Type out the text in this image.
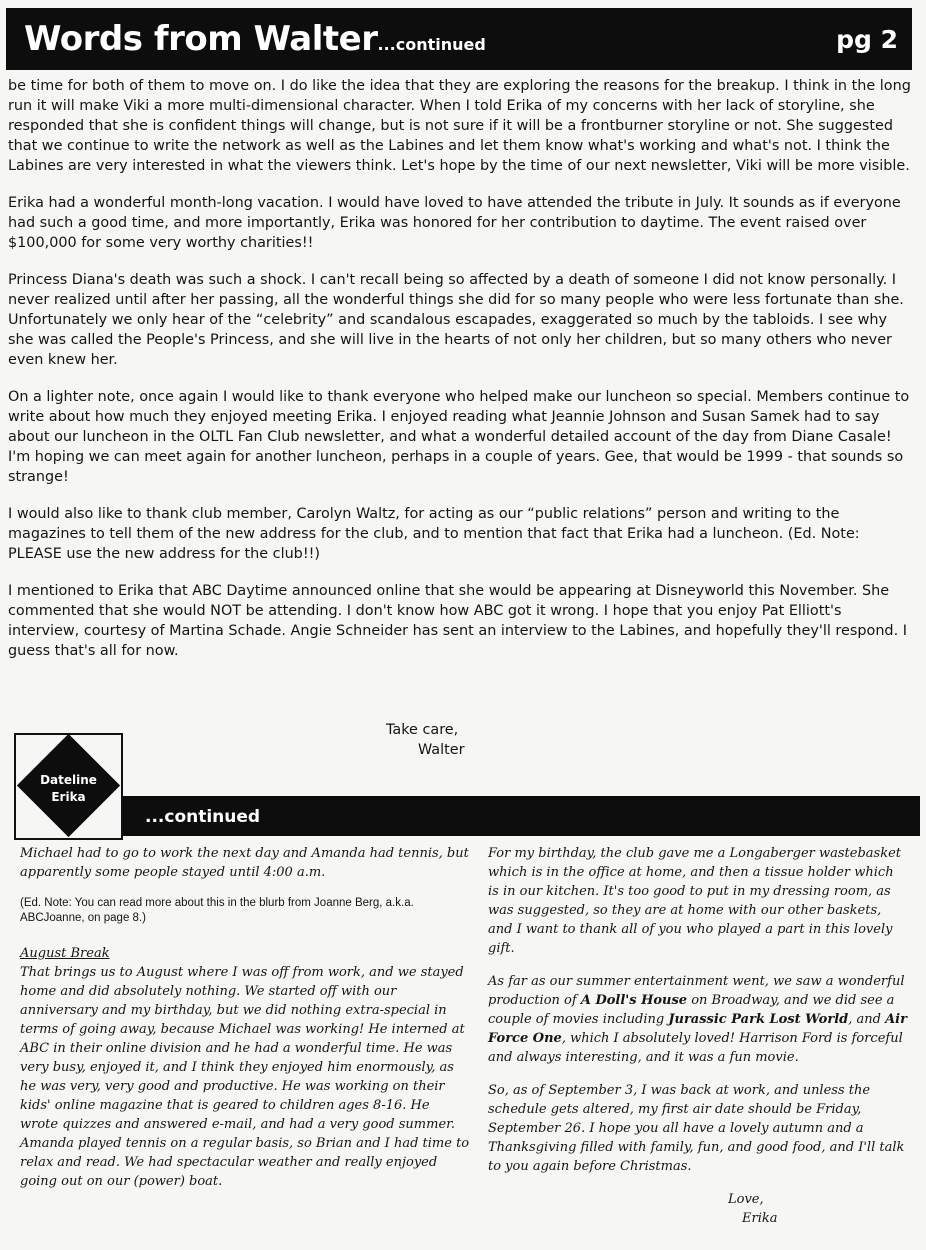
Words from Walter...continued	pg 2

be time for both of them to move on. I do like the idea that they are exploring the reasons for the breakup. I think in the long run it will make Viki a more multi-dimensional character. When I told Erika of my concerns with her lack of storyline, she responded that she is confident things will change, but is not sure if it will be a frontburner storyline or not. She suggested that we continue to write the network as well as the Labines and let them know what's working and what's not. I think the Labines are very interested in what the viewers think. Let's hope by the time of our next newsletter, Viki will be more visible.

Erika had a wonderful month-long vacation. I would have loved to have attended the tribute in July. It sounds as if everyone had such a good time, and more importantly, Erika was honored for her contribution to daytime. The event raised over $100,000 for some very worthy charities!!

Princess Diana's death was such a shock. I can't recall being so affected by a death of someone I did not know personally. I never realized until after her passing, all the wonderful things she did for so many people who were less fortunate than she. Unfortunately we only hear of the “celebrity” and scandalous escapades, exaggerated so much by the tabloids. I see why she was called the People's Princess, and she will live in the hearts of not only her children, but so many others who never even knew her.

On a lighter note, once again I would like to thank everyone who helped make our luncheon so special. Members continue to write about how much they enjoyed meeting Erika. I enjoyed reading what Jeannie Johnson and Susan Samek had to say about our luncheon in the OLTL Fan Club newsletter, and what a wonderful detailed account of the day from Diane Casale! I'm hoping we can meet again for another luncheon, perhaps in a couple of years. Gee, that would be 1999 - that sounds so strange!

I would also like to thank club member, Carolyn Waltz, for acting as our “public relations” person and writing to the magazines to tell them of the new address for the club, and to mention that fact that Erika had a luncheon. (Ed. Note: PLEASE use the new address for the club!!)

I mentioned to Erika that ABC Daytime announced online that she would be appearing at Disneyworld this November. She commented that she would NOT be attending. I don't know how ABC got it wrong. I hope that you enjoy Pat Elliott's interview, courtesy of Martina Schade. Angie Schneider has sent an interview to the Labines, and hopefully they'll respond. I guess that's all for now.

Take care,
Walter
Dateline
Erika
...continued

Michael had to go to work the next day and Amanda had tennis, but apparently some people stayed until 4:00 a.m.

(Ed. Note: You can read more about this in the blurb from Joanne Berg, a.k.a. ABCJoanne, on page 8.)

August Break

That brings us to August where I was off from work, and we stayed home and did absolutely nothing. We started off with our anniversary and my birthday, but we did nothing extra-special in terms of going away, because Michael was working! He interned at ABC in their online division and he had a wonderful time. He was very busy, enjoyed it, and I think they enjoyed him enormously, as he was very, very good and productive. He was working on their kids' online magazine that is geared to children ages 8-16. He wrote quizzes and answered e-mail, and had a very good summer. Amanda played tennis on a regular basis, so Brian and I had time to relax and read. We had spectacular weather and really enjoyed going out on our (power) boat.

For my birthday, the club gave me a Longaberger wastebasket which is in the office at home, and then a tissue holder which is in our kitchen. It's too good to put in my dressing room, as was suggested, so they are at home with our other baskets, and I want to thank all of you who played a part in this lovely gift.

As far as our summer entertainment went, we saw a wonderful production of A Doll's House on Broadway, and we did see a couple of movies including Jurassic Park Lost World, and Air Force One, which I absolutely loved! Harrison Ford is forceful and always interesting, and it was a fun movie.

So, as of September 3, I was back at work, and unless the schedule gets altered, my first air date should be Friday, September 26. I hope you all have a lovely autumn and a Thanksgiving filled with family, fun, and good food, and I'll talk to you again before Christmas.

Love,
Erika
